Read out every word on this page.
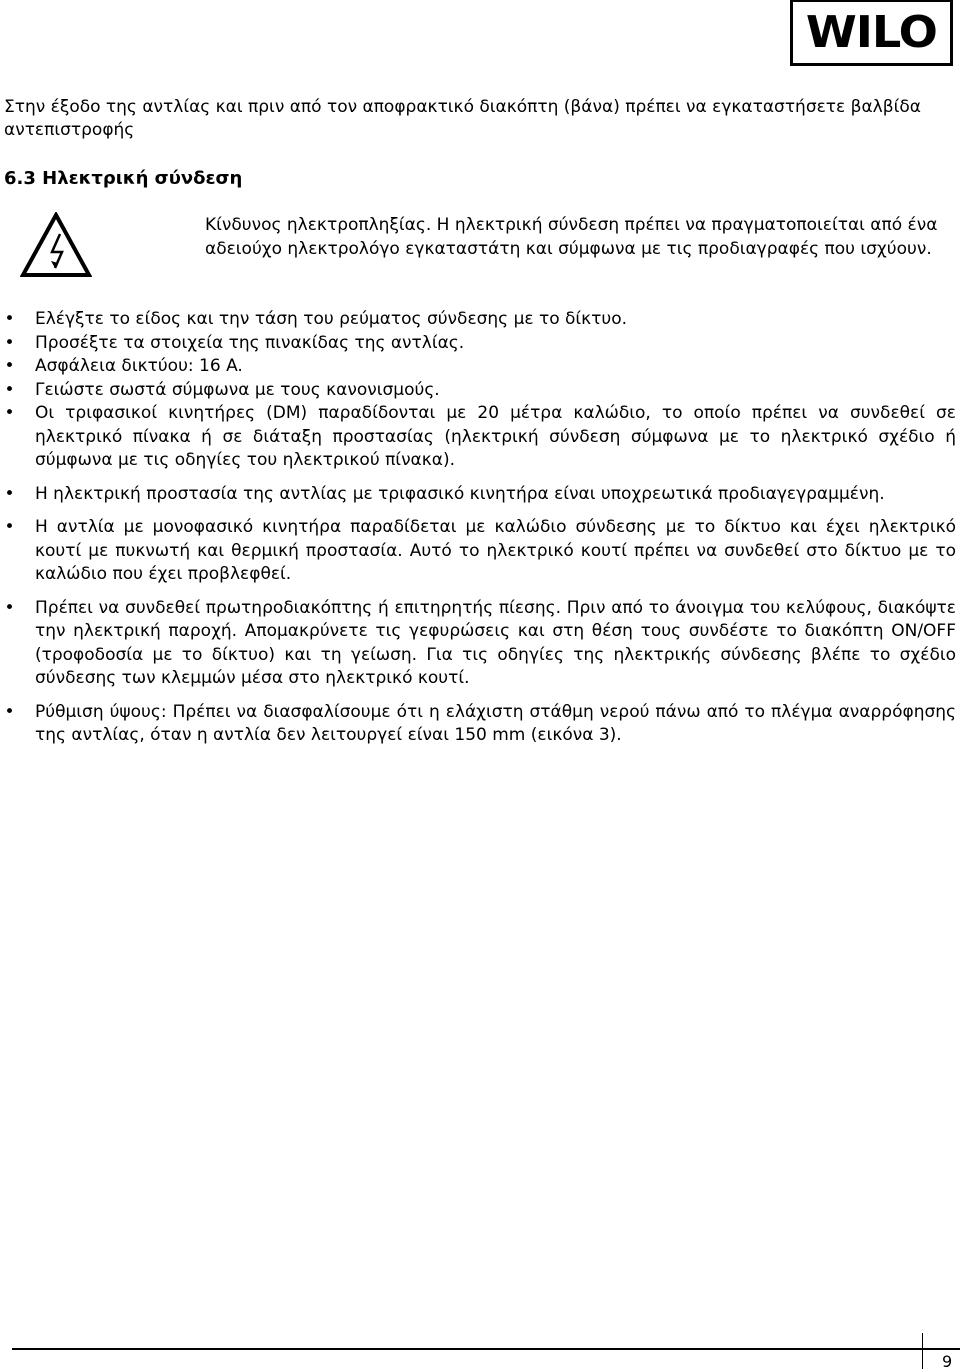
WILO

Στην έξοδο της αντλίας και πριν από τον αποφρακτικό διακόπτη (βάνα) πρέπει να εγκαταστήσετε βαλβίδα αντεπιστροφής

6.3 Ηλεκτρική σύνδεση

Κίνδυνος ηλεκτροπληξίας. Η ηλεκτρική σύνδεση πρέπει να πραγματοποιείται από ένα αδειούχο ηλεκτρολόγο εγκαταστάτη και σύμφωνα με τις προδιαγραφές που ισχύουν.
• Ελέγξτε το είδος και την τάση του ρεύματος σύνδεσης με το δίκτυο.
• Προσέξτε τα στοιχεία της πινακίδας της αντλίας.
• Ασφάλεια δικτύου: 16 A.
• Γειώστε σωστά σύμφωνα με τους κανονισμούς.
• Οι τριφασικοί κινητήρες (DM) παραδίδονται με 20 μέτρα καλώδιο, το οποίο πρέπει να συνδεθεί σε ηλεκτρικό πίνακα ή σε διάταξη προστασίας (ηλεκτρική σύνδεση σύμφωνα με το ηλεκτρικό σχέδιο ή σύμφωνα με τις οδηγίες του ηλεκτρικού πίνακα).
• Η ηλεκτρική προστασία της αντλίας με τριφασικό κινητήρα είναι υποχρεωτικά προδιαγεγραμμένη.
• Η αντλία με μονοφασικό κινητήρα παραδίδεται με καλώδιο σύνδεσης με το δίκτυο και έχει ηλεκτρικό κουτί με πυκνωτή και θερμική προστασία. Αυτό το ηλεκτρικό κουτί πρέπει να συνδεθεί στο δίκτυο με το καλώδιο που έχει προβλεφθεί.
• Πρέπει να συνδεθεί πρωτηροδιακόπτης ή επιτηρητής πίεσης. Πριν από το άνοιγμα του κελύφους, διακόψτε την ηλεκτρική παροχή. Απομακρύνετε τις γεφυρώσεις και στη θέση τους συνδέστε το διακόπτη ON/OFF (τροφοδοσία με το δίκτυο) και τη γείωση. Για τις οδηγίες της ηλεκτρικής σύνδεσης βλέπε το σχέδιο σύνδεσης των κλεμμών μέσα στο ηλεκτρικό κουτί.
• Ρύθμιση ύψους: Πρέπει να διασφαλίσουμε ότι η ελάχιστη στάθμη νερού πάνω από το πλέγμα αναρρόφησης της αντλίας, όταν η αντλία δεν λειτουργεί είναι 150 mm (εικόνα 3).
9
